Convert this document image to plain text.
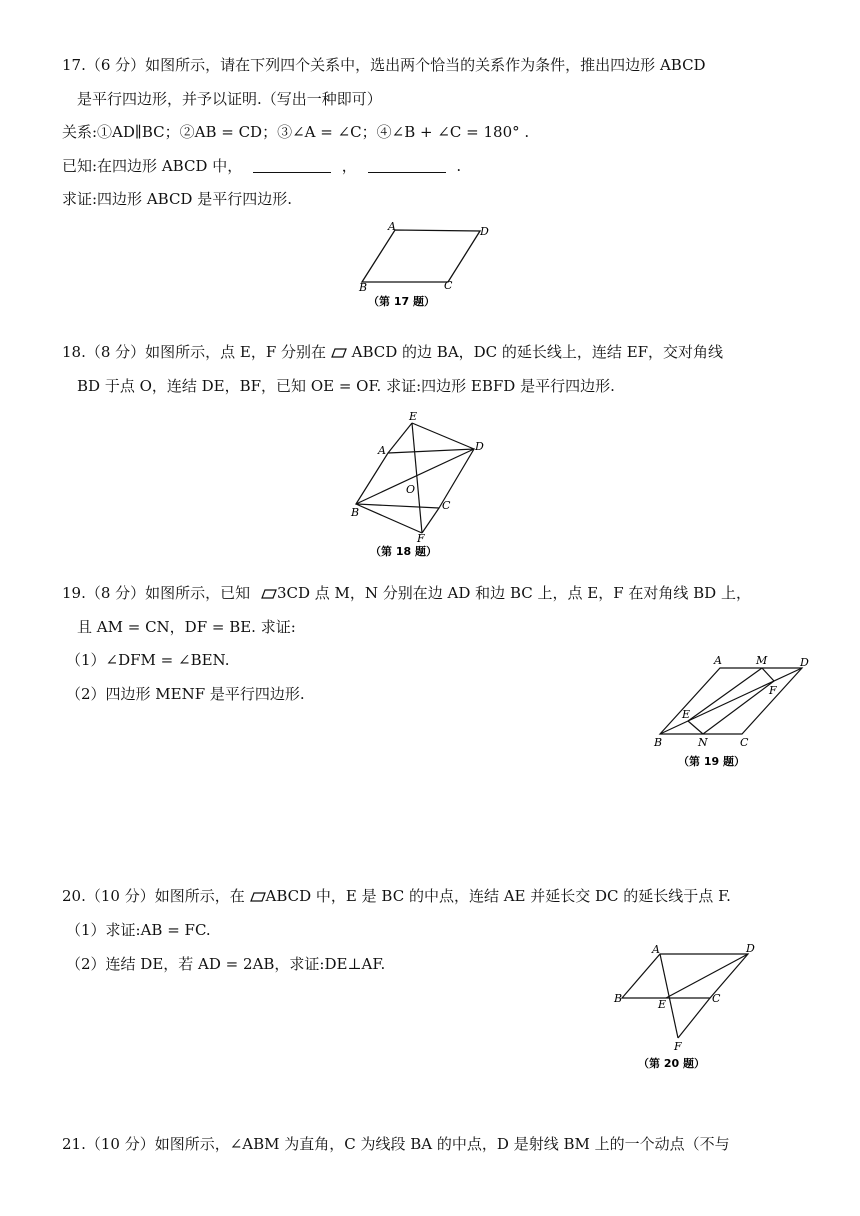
17.（6 分）如图所示，请在下列四个关系中，选出两个恰当的关系作为条件，推出四边形 ABCD
是平行四边形，并予以证明.（写出一种即可）
关系:①AD∥BC；②AB = CD；③∠A = ∠C；④∠B + ∠C = 180° .
已知:在四边形 ABCD 中，	，	.
求证:四边形 ABCD 是平行四边形.
A	D
B	C
（第 17 题）
18.（8 分）如图所示，点 E，F 分别在 ABCD 的边 BA，DC 的延长线上，连结 EF，交对角线
BD 于点 O，连结 DE，BF，已知 OE = OF. 求证:四边形 EBFD 是平行四边形.
E
A	D
O
C
B
F
（第 18 题）
19.（8 分）如图所示，已知 3CD 点 M，N 分别在边 AD 和边 BC 上，点 E，F 在对角线 BD 上，
且 AM = CN，DF = BE. 求证:
（1）∠DFM = ∠BEN.
（2）四边形 MENF 是平行四边形.
A	M	D
F
E
B	N	C
（第 19 题）
20.（10 分）如图所示，在 ABCD 中，E 是 BC 的中点，连结 AE 并延长交 DC 的延长线于点 F.
（1）求证:AB = FC.
（2）连结 DE，若 AD = 2AB，求证:DE⊥AF.
A	D
B	E	C
F
（第 20 题）
21.（10 分）如图所示，∠ABM 为直角，C 为线段 BA 的中点，D 是射线 BM 上的一个动点（不与
